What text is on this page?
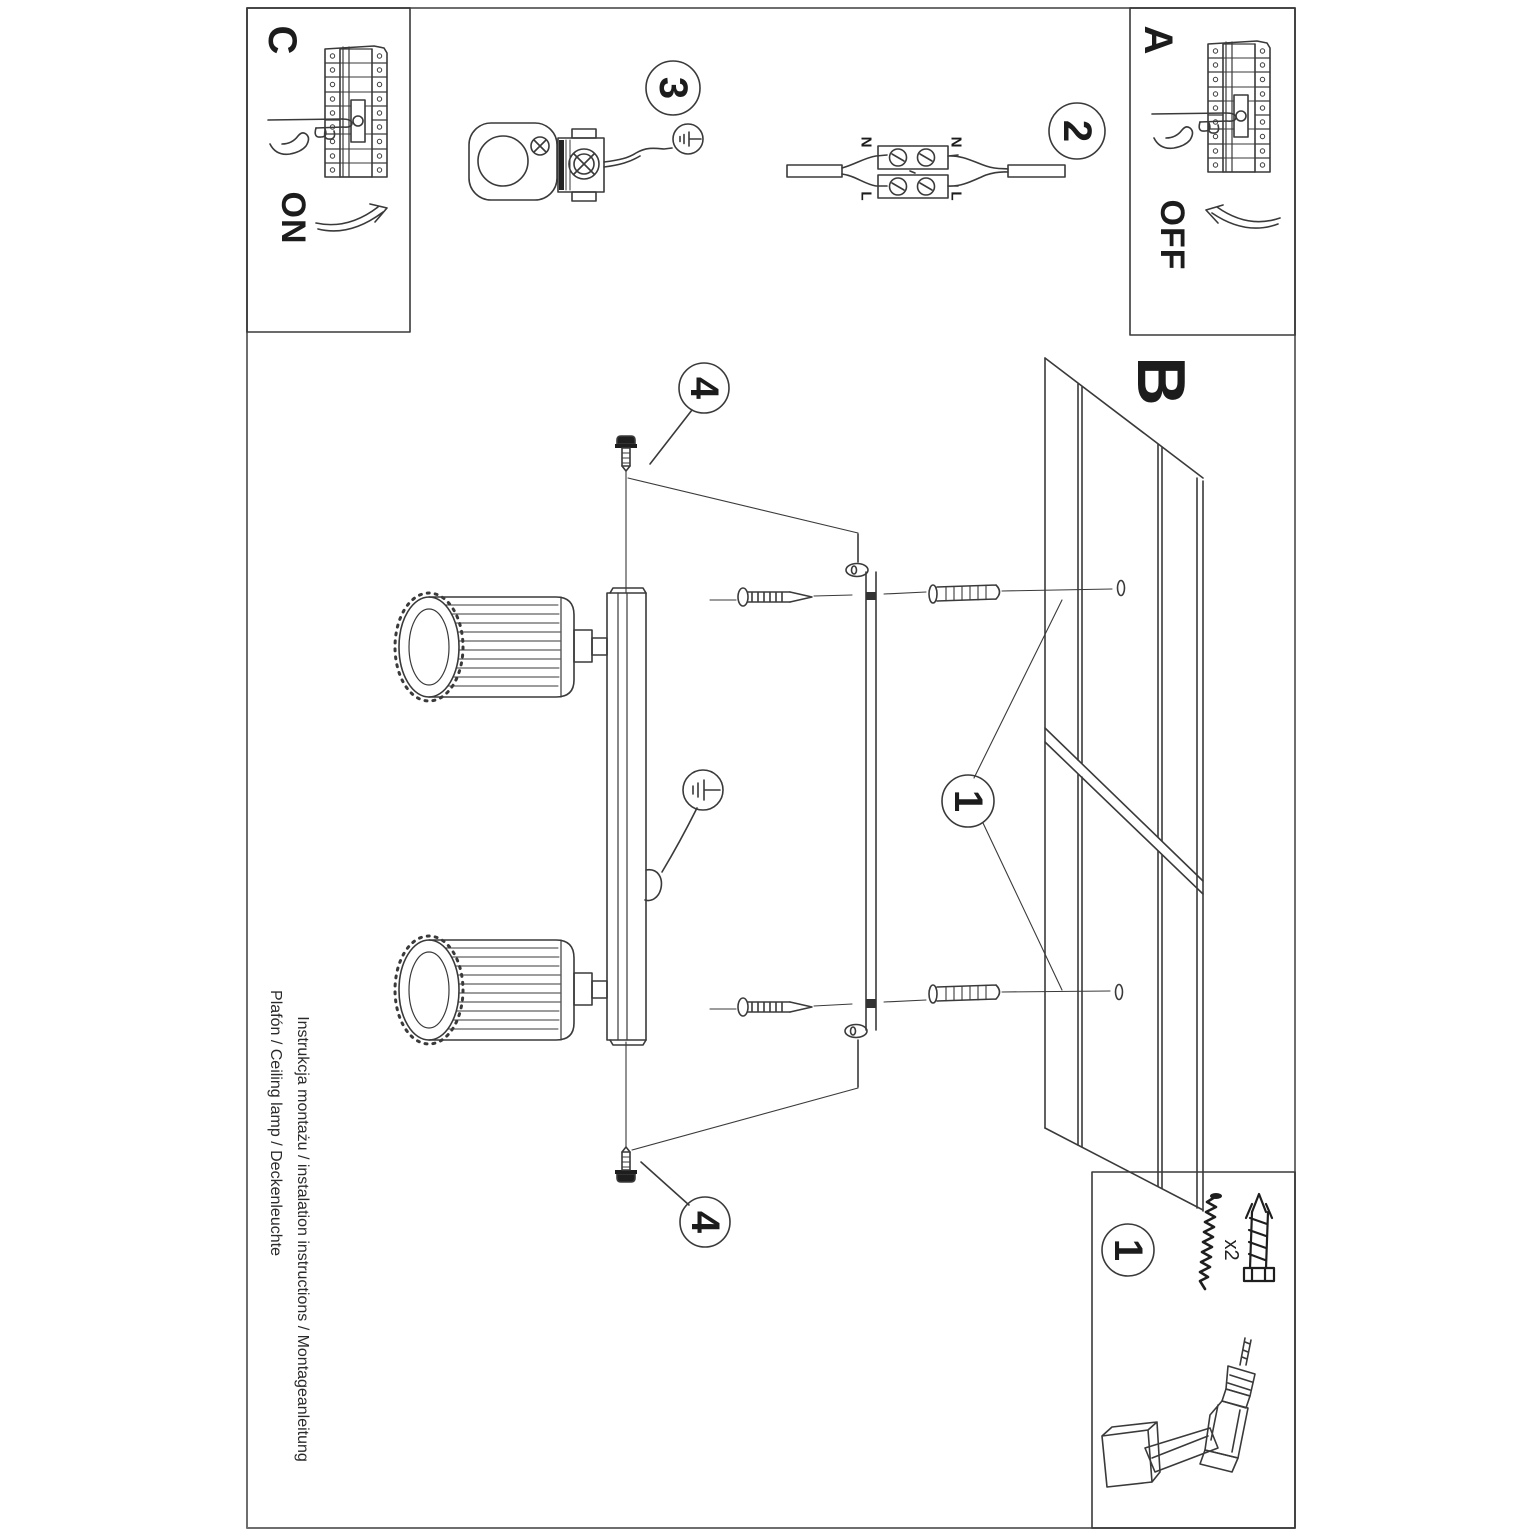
C
ON
A
OFF
B
3
2
4
4
1
1	x2
N	N
L	L
Instrukcja montażu / instalation instructions / Montageanleitung
Plafón / Ceiling lamp / Deckenleuchte
